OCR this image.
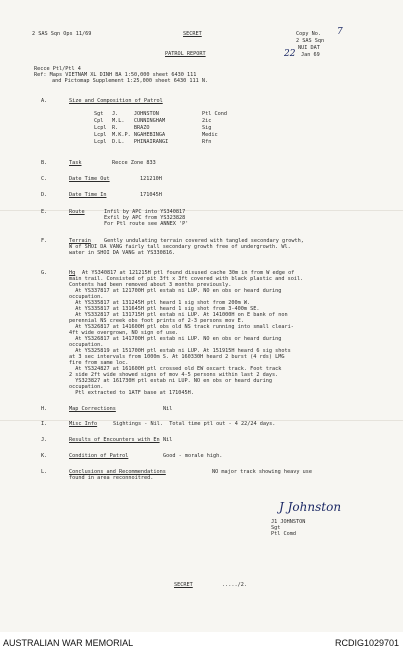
2 SAS Sqn Ops 11/69	SECRET	Copy No. 7
2 SAS Sqn
NUI DAT
22 Jan 69
PATROL REPORT
Recce Ptl/Ptl 4
Ref: Maps VIETNAM XL DINH BA 1:50,000 sheet 6430 111
and Pictomap Supplement 1:25,000 sheet 6430 111 N.
A.	Size and Composition of Patrol
Sgt J.     JOHNSTON	Ptl Cond
Cpl M.L.   CUNNINGHAM	2ic
Lcpl R.     BRAZO	Sig
Lcpl M.K.P. NGAHEBINGA	Medic
Lcpl D.L.   PHINAIRANGI	Rfn
B.	Task	Recce Zone 833
C.	Date Time Out	121210H
D.	Date Time In	171045H
E.	Route	Infil by APC into YS340817
Exfil by APC from YS323828
For Ptl route see ANNEX 'P'
F.	Terrain	Gently undulating terrain covered with tangled secondary growth,
W of SHOI DA VANG fairly tall secondary growth free of undergrowth. Wl.
water in SHOI DA VANG at YS330816.
G.	Hq At YS340817 at 121215H ptl found disused cache 30m in from W edge of
main trail. Consisted of pit 3ft x 3ft covered with black plastic and soil.
Contents had been removed about 3 months previously.
At YS337817 at 121700H ptl estab ni LUP. NO en obs or heard during
occupation.
At YS335817 at 131245H ptl heard 1 sig shot from 200m W.
At YS335817 at 131645H ptl heard 1 sig shot from 3-400m SE.
At YS332817 at 131715H ptl estab ni LUP. At 141000H on E bank of non
perennial NS creek obs foot prints of 2-3 persons mov E.
At YS326817 at 141600H ptl obs old NS track running into small cleari-
4ft wide overgrown, NO sign of use.
At YS326817 at 141700H ptl estab ni LUP. NO en obs or heard during
occupation.
At YS325819 at 151700H ptl estab ni LUP. At 151915H heard 6 sig shots
at 3 sec intervals from 1000m S. At 160330H heard 2 burst (4 rds) LMG
fire from same loc.
At YS324827 at 161600H ptl crossed old EW oxcart track. Foot track
2 side 2ft wide showed signs of mov 4-5 persons within last 2 days.
YS323827 at 161730H ptl estab ni LUP. NO en obs or heard during
occupation.
Ptl extracted to 1ATF base at 171045H.
H.	Map Corrections	Nil
I.	Misc Info	Sightings - Nil.  Total time ptl out - 4 22/24 days.
J.	Results of Encounters with En Nil
K.	Condition of Patrol	Good - morale high.
L.	Conclusions and Recommendations	NO major track showing heavy use
found in area reconnoitred.
J Johnston
J1 JOHNSTON
Sgt
Ptl Comd
SECRET	...../2.
AUSTRALIAN WAR MEMORIAL	RCDIG1029701
